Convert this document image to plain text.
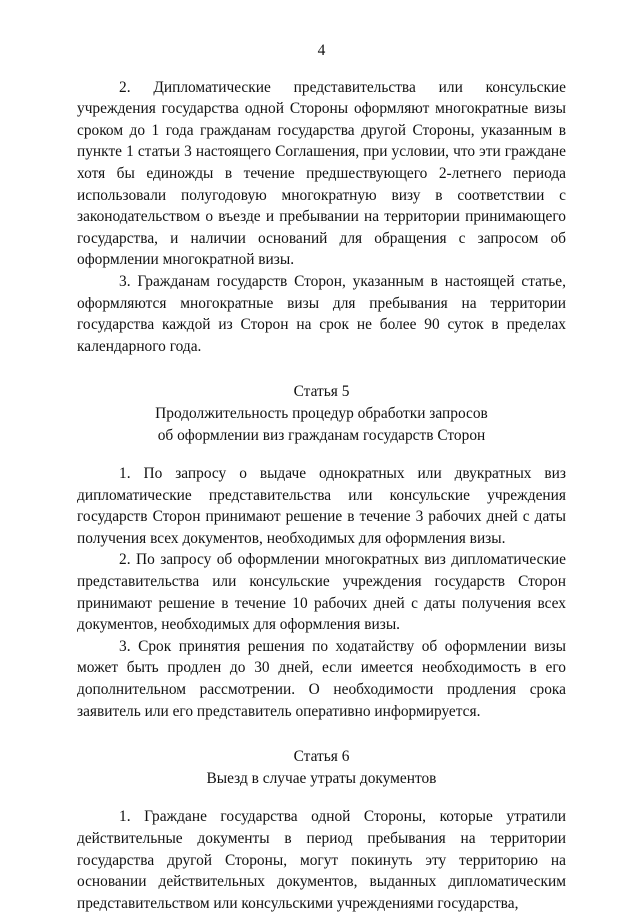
4

2. Дипломатические представительства или консульские учреждения государства одной Стороны оформляют многократные визы сроком до 1 года гражданам государства другой Стороны, указанным в пункте 1 статьи 3 настоящего Соглашения, при условии, что эти граждане хотя бы единожды в течение предшествующего 2-летнего периода использовали полугодовую многократную визу в соответствии с законодательством о въезде и пребывании на территории принимающего государства, и наличии оснований для обращения с запросом об оформлении многократной визы.

3. Гражданам государств Сторон, указанным в настоящей статье, оформляются многократные визы для пребывания на территории государства каждой из Сторон на срок не более 90 суток в пределах календарного года.

Статья 5
Продолжительность процедур обработки запросов
об оформлении виз гражданам государств Сторон

1. По запросу о выдаче однократных или двукратных виз дипломатические представительства или консульские учреждения государств Сторон принимают решение в течение 3 рабочих дней с даты получения всех документов, необходимых для оформления визы.

2. По запросу об оформлении многократных виз дипломатические представительства или консульские учреждения государств Сторон принимают решение в течение 10 рабочих дней с даты получения всех документов, необходимых для оформления визы.

3. Срок принятия решения по ходатайству об оформлении визы может быть продлен до 30 дней, если имеется необходимость в его дополнительном рассмотрении. О необходимости продления срока заявитель или его представитель оперативно информируется.

Статья 6
Выезд в случае утраты документов

1. Граждане государства одной Стороны, которые утратили действительные документы в период пребывания на территории государства другой Стороны, могут покинуть эту территорию на основании действительных документов, выданных дипломатическим представительством или консульскими учреждениями государства,
